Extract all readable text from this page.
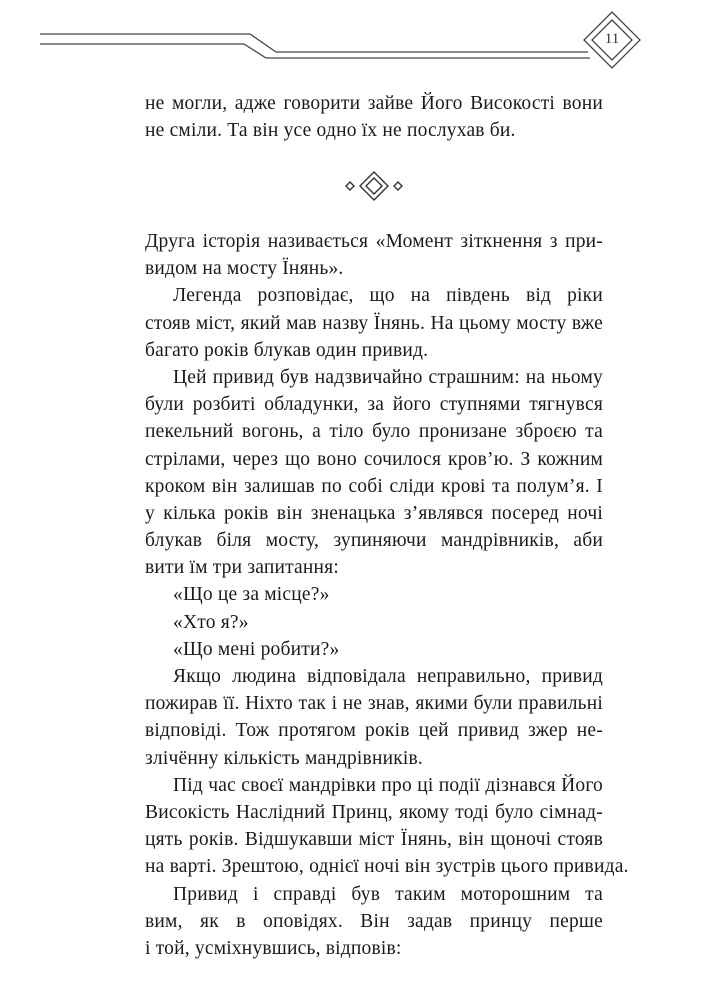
11
не могли, адже говорити зайве Його Високості вони
не сміли. Та він усе одно їх не послухав би.
Друга історія називається «Момент зіткнення з при-
видом на мосту Їнянь».
Легенда розповідає, що на південь від ріки
стояв міст, який мав назву Їнянь. На цьому мосту вже
багато років блукав один привид.
Цей привид був надзвичайно страшним: на ньому
були розбиті обладунки, за його ступнями тягнувся
пекельний вогонь, а тіло було пронизане зброєю та
стрілами, через що воно сочилося кров’ю. З кожним
кроком він залишав по собі сліди крові та полум’я. І
у кілька років він зненацька з’являвся посеред ночі
блукав біля мосту, зупиняючи мандрівників, аби
вити їм три запитання:
«Що це за місце?»
«Хто я?»
«Що мені робити?»
Якщо людина відповідала неправильно, привид
пожирав її. Ніхто так і не знав, якими були правильні
відповіді. Тож протягом років цей привид зжер не-
злічённу кількість мандрівників.
Під час своєї мандрівки про ці події дізнався Його
Високість Наслідний Принц, якому тоді було сімнад-
цять років. Відшукавши міст Їнянь, він щоночі стояв
на варті. Зрештою, однієї ночі він зустрів цього привида.
Привид і справді був таким моторошним та
вим, як в оповідях. Він задав принцу перше
і той, усміхнувшись, відповів:
